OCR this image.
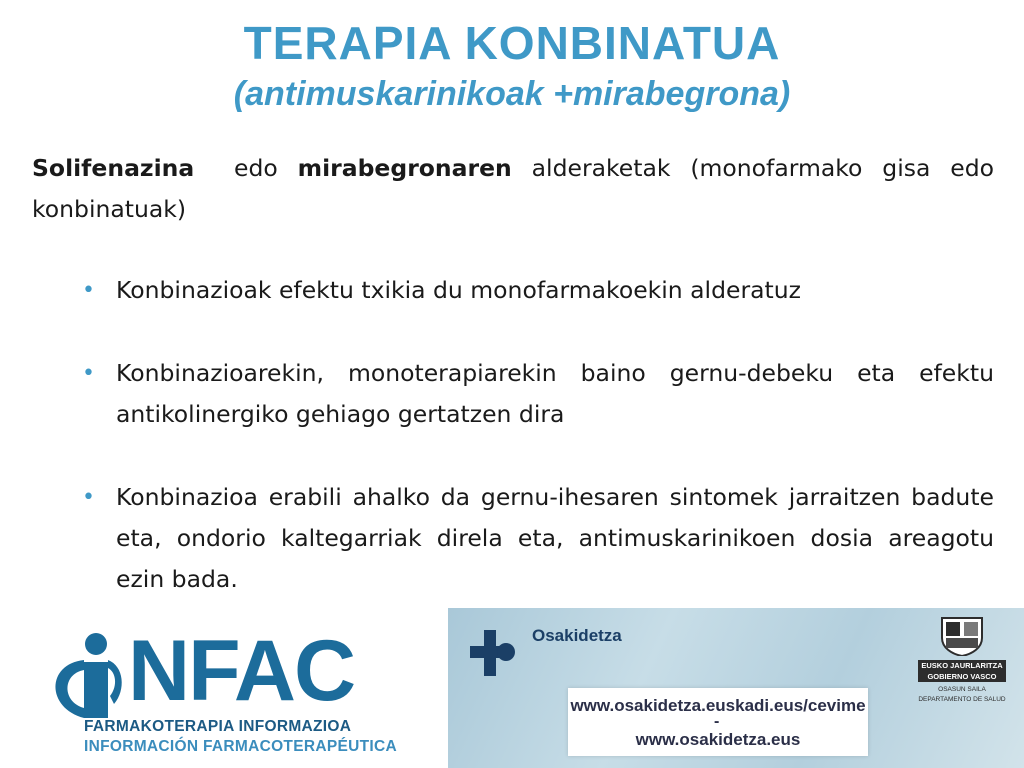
TERAPIA KONBINATUA
(antimuskarinikoak +mirabegrona)

Solifenazina  edo mirabegronaren alderaketak (monofarmako gisa edo konbinatuak)

• Konbinazioak efektu txikia du monofarmakoekin alderatuz
• Konbinazioarekin, monoterapiarekin baino gernu-debeku eta efektu antikolinergiko gehiago gertatzen dira
• Konbinazioa erabili ahalko da gernu-ihesaren sintomek jarraitzen badute eta, ondorio kaltegarriak direla eta, antimuskarinikoen dosia areagotu ezin bada.
NFAC
FARMAKOTERAPIA INFORMAZIOA
INFORMACIÓN FARMACOTERAPÉUTICA
Osakidetza
www.osakidetza.euskadi.eus/cevime
-
www.osakidetza.eus
EUSKO JAURLARITZA
GOBIERNO VASCO
OSASUN SAILA
DEPARTAMENTO DE SALUD
